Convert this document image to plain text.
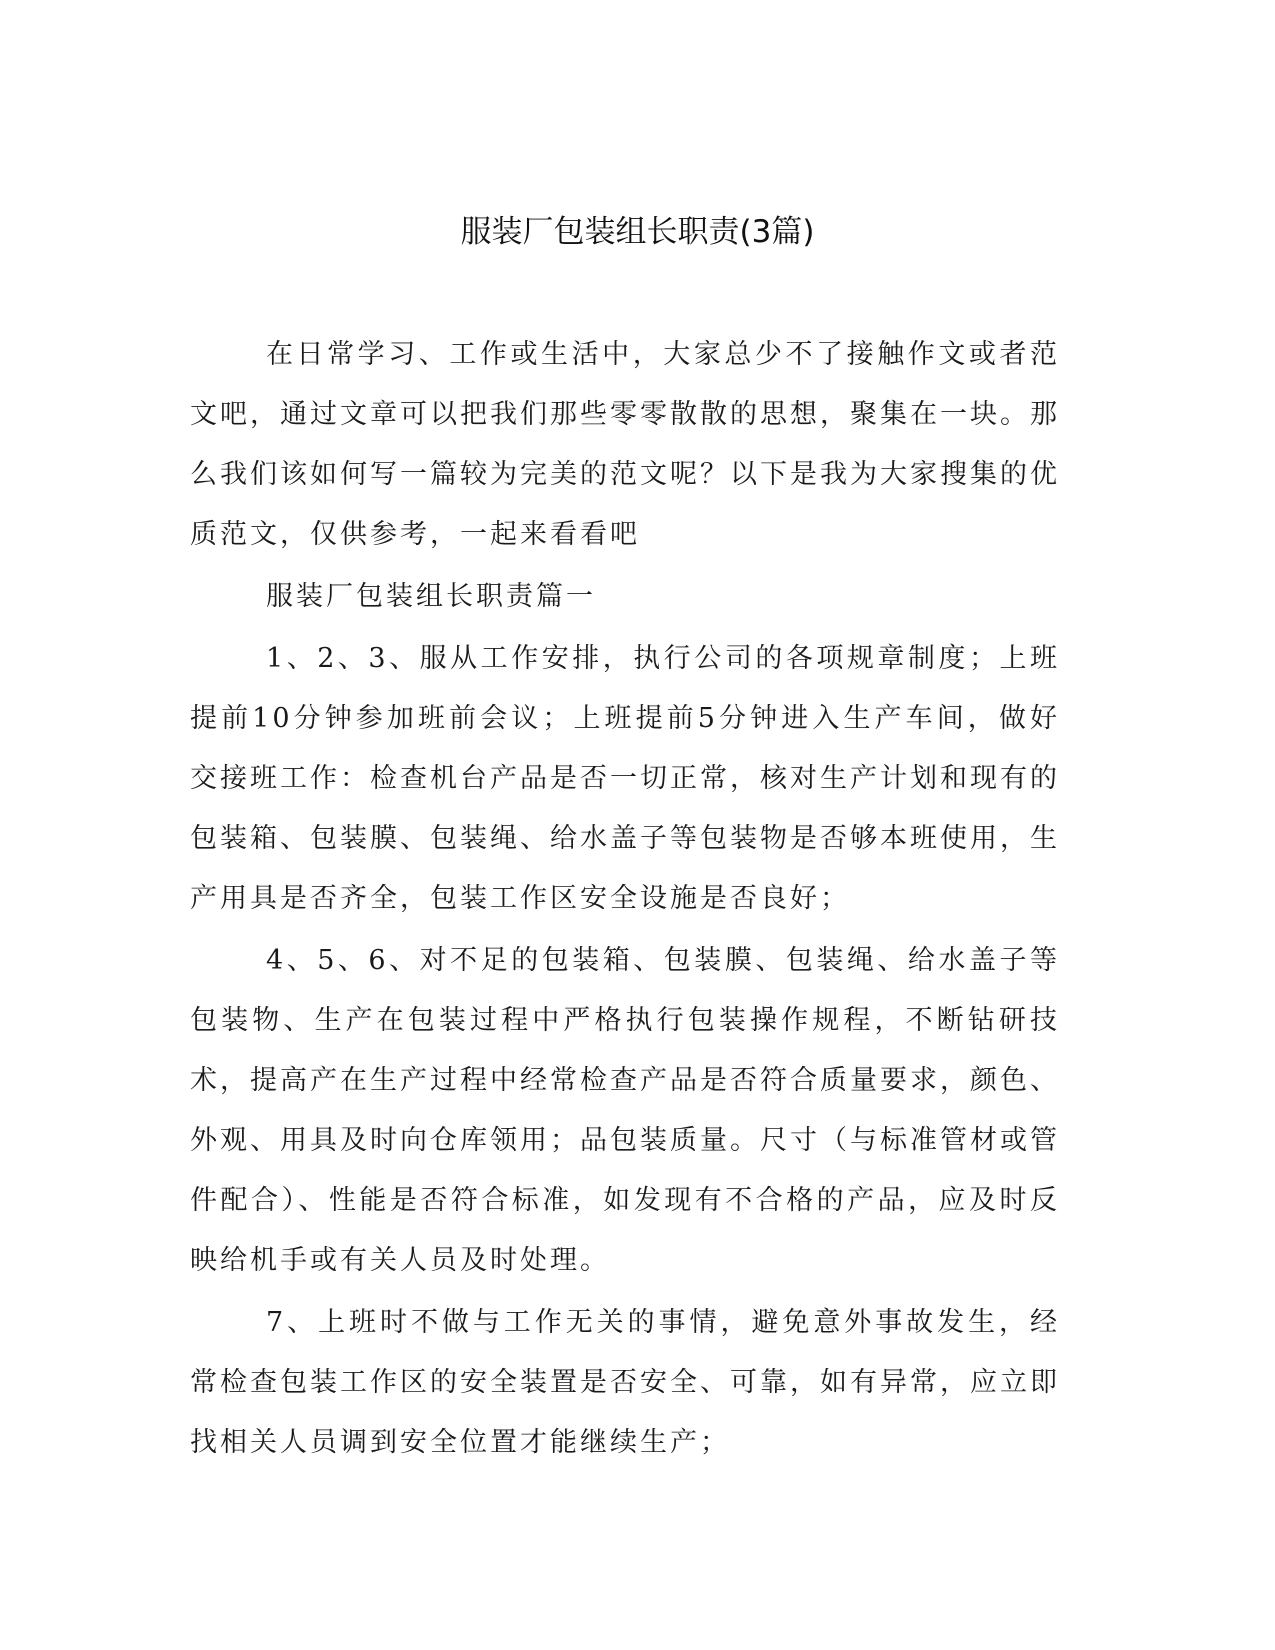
服装厂包装组长职责(3篇)

在日常学习、工作或生活中，大家总少不了接触作文或者范文吧，通过文章可以把我们那些零零散散的思想，聚集在一块。那么我们该如何写一篇较为完美的范文呢？以下是我为大家搜集的优质范文，仅供参考，一起来看看吧

服装厂包装组长职责篇一

1、2、3、服从工作安排，执行公司的各项规章制度；上班提前10分钟参加班前会议；上班提前5分钟进入生产车间，做好交接班工作：检查机台产品是否一切正常，核对生产计划和现有的包装箱、包装膜、包装绳、给水盖子等包装物是否够本班使用，生产用具是否齐全，包装工作区安全设施是否良好；

4、5、6、对不足的包装箱、包装膜、包装绳、给水盖子等包装物、生产在包装过程中严格执行包装操作规程，不断钻研技术，提高产在生产过程中经常检查产品是否符合质量要求，颜色、外观、用具及时向仓库领用；品包装质量。尺寸（与标准管材或管件配合）、性能是否符合标准，如发现有不合格的产品，应及时反映给机手或有关人员及时处理。

7、上班时不做与工作无关的事情，避免意外事故发生，经常检查包装工作区的安全装置是否安全、可靠，如有异常，应立即找相关人员调到安全位置才能继续生产；
